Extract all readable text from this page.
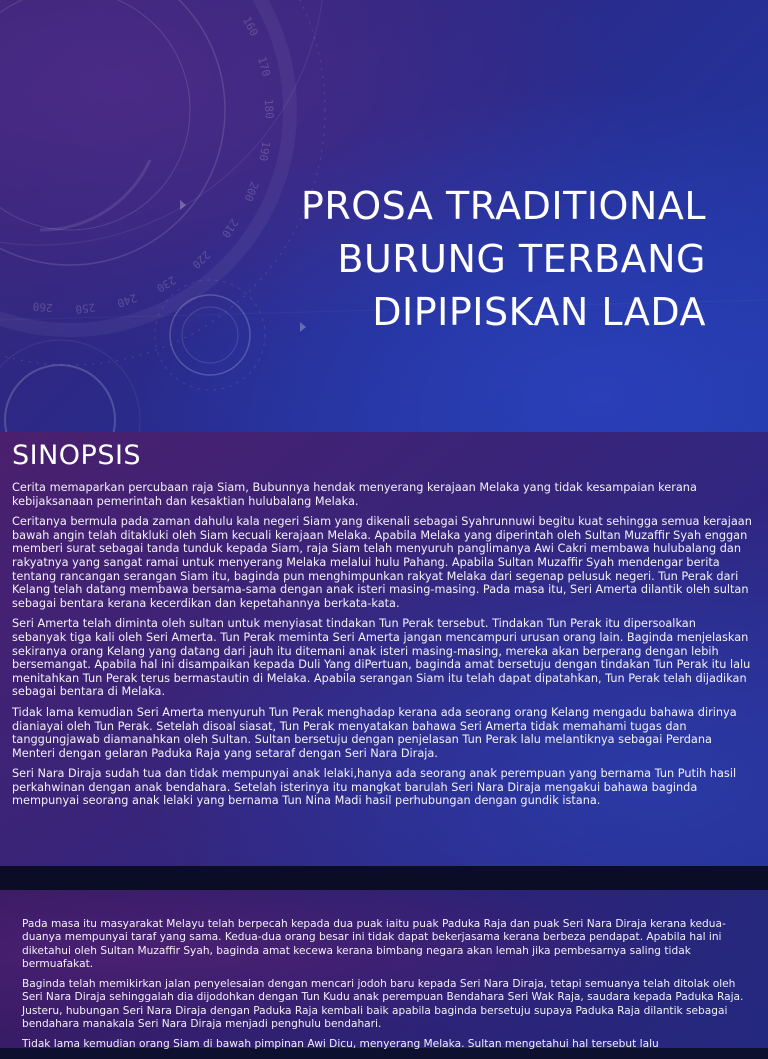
160
170
180
190
200
210
220
230
240
250
260
PROSA TRADITIONAL
BURUNG TERBANG
DIPIPISKAN LADA
SINOPSIS

Cerita memaparkan percubaan raja Siam, Bubunnya hendak menyerang kerajaan Melaka yang tidak kesampaian kerana kebijaksanaan pemerintah dan kesaktian hulubalang Melaka.

Ceritanya bermula pada zaman dahulu kala negeri Siam yang dikenali sebagai Syahrunnuwi begitu kuat sehingga semua kerajaan bawah angin telah ditakluki oleh Siam kecuali kerajaan Melaka. Apabila Melaka yang diperintah oleh Sultan Muzaffir Syah enggan memberi surat sebagai tanda tunduk kepada Siam, raja Siam telah menyuruh panglimanya Awi Cakri membawa hulubalang dan rakyatnya yang sangat ramai untuk menyerang Melaka melalui hulu Pahang. Apabila Sultan Muzaffir Syah mendengar berita tentang rancangan serangan Siam itu, baginda pun menghimpunkan rakyat Melaka dari segenap pelusuk negeri. Tun Perak dari Kelang telah datang membawa bersama-sama dengan anak isteri masing-masing. Pada masa itu, Seri Amerta dilantik oleh sultan sebagai bentara kerana kecerdikan dan kepetahannya berkata-kata.

Seri Amerta telah diminta oleh sultan untuk menyiasat tindakan Tun Perak tersebut. Tindakan Tun Perak itu dipersoalkan sebanyak tiga kali oleh Seri Amerta. Tun Perak meminta Seri Amerta jangan mencampuri urusan orang lain. Baginda menjelaskan sekiranya orang Kelang yang datang dari jauh itu ditemani anak isteri masing-masing, mereka akan berperang dengan lebih bersemangat. Apabila hal ini disampaikan kepada Duli Yang diPertuan, baginda amat bersetuju dengan tindakan Tun Perak itu lalu menitahkan Tun Perak terus bermastautin di Melaka. Apabila serangan Siam itu telah dapat dipatahkan, Tun Perak telah dijadikan sebagai bentara di Melaka.

Tidak lama kemudian Seri Amerta menyuruh Tun Perak menghadap kerana ada seorang orang Kelang mengadu bahawa dirinya dianiayai oleh Tun Perak. Setelah disoal siasat, Tun Perak menyatakan bahawa Seri Amerta tidak memahami tugas dan tanggungjawab diamanahkan oleh Sultan. Sultan bersetuju dengan penjelasan Tun Perak lalu melantiknya sebagai Perdana Menteri dengan gelaran Paduka Raja yang setaraf dengan Seri Nara Diraja.

Seri Nara Diraja sudah tua dan tidak mempunyai anak lelaki,hanya ada seorang anak perempuan yang bernama Tun Putih hasil perkahwinan dengan anak bendahara. Setelah isterinya itu mangkat barulah Seri Nara Diraja mengakui bahawa baginda mempunyai seorang anak lelaki yang bernama Tun Nina Madi hasil perhubungan dengan gundik istana.

Pada masa itu masyarakat Melayu telah berpecah kepada dua puak iaitu puak Paduka Raja dan puak Seri Nara Diraja kerana kedua-duanya mempunyai taraf yang sama. Kedua-dua orang besar ini tidak dapat bekerjasama kerana berbeza pendapat. Apabila hal ini diketahui oleh Sultan Muzaffir Syah, baginda amat kecewa kerana bimbang negara akan lemah jika pembesarnya saling tidak bermuafakat.

Baginda telah memikirkan jalan penyelesaian dengan mencari jodoh baru kepada Seri Nara Diraja, tetapi semuanya telah ditolak oleh Seri Nara Diraja sehinggalah dia dijodohkan dengan Tun Kudu anak perempuan Bendahara Seri Wak Raja, saudara kepada Paduka Raja. Justeru, hubungan Seri Nara Diraja dengan Paduka Raja kembali baik apabila baginda bersetuju supaya Paduka Raja dilantik sebagai bendahara manakala Seri Nara Diraja menjadi penghulu bendahari.

Tidak lama kemudian orang Siam di bawah pimpinan Awi Dicu, menyerang Melaka. Sultan mengetahui hal tersebut lalu
